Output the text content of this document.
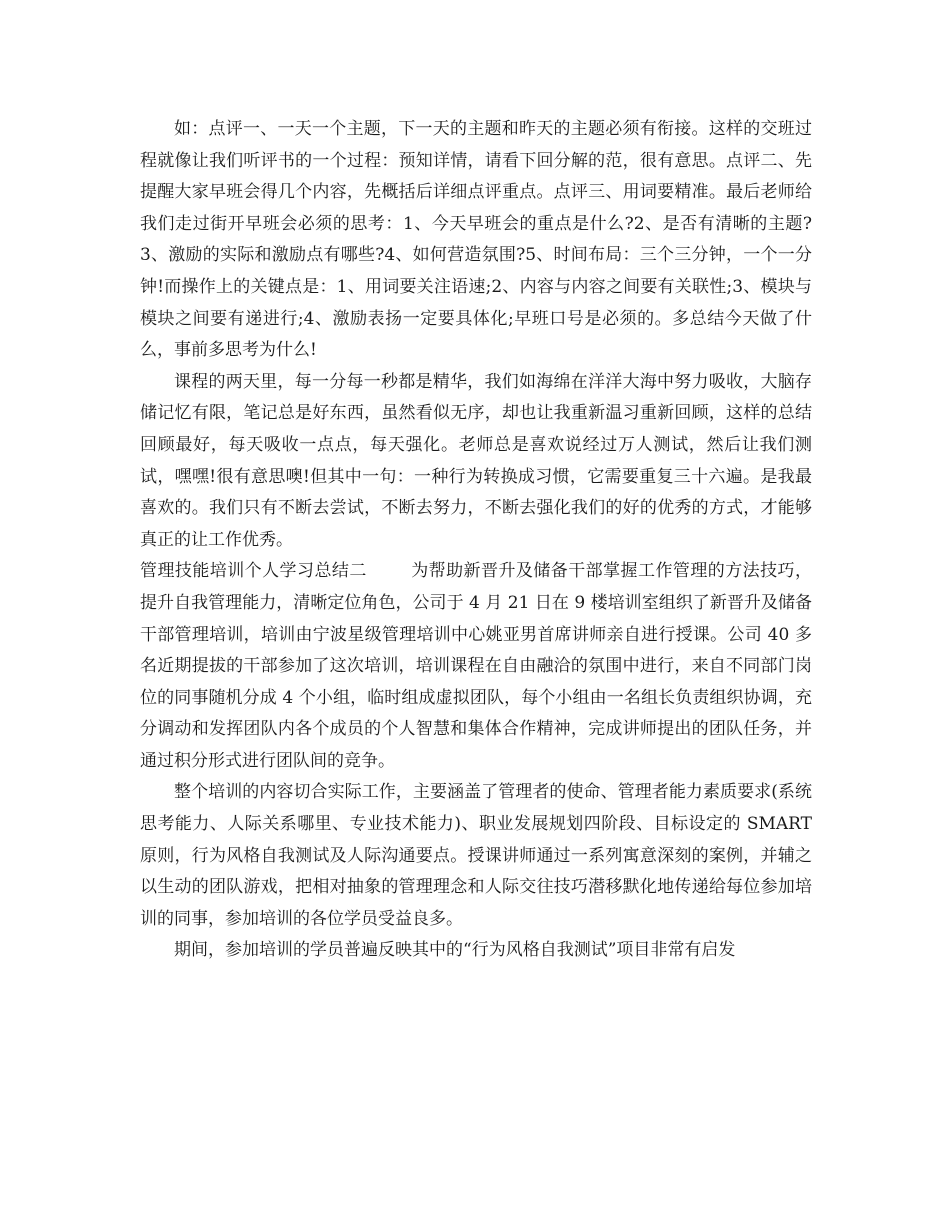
如：点评一、一天一个主题，下一天的主题和昨天的主题必须有衔接。这样的交班过程就像让我们听评书的一个过程：预知详情，请看下回分解的范，很有意思。点评二、先提醒大家早班会得几个内容，先概括后详细点评重点。点评三、用词要精准。最后老师给我们走过街开早班会必须的思考：1、今天早班会的重点是什么?2、是否有清晰的主题?3、激励的实际和激励点有哪些?4、如何营造氛围?5、时间布局：三个三分钟，一个一分钟!而操作上的关键点是：1、用词要关注语速;2、内容与内容之间要有关联性;3、模块与模块之间要有递进行;4、激励表扬一定要具体化;早班口号是必须的。多总结今天做了什么，事前多思考为什么!

课程的两天里，每一分每一秒都是精华，我们如海绵在洋洋大海中努力吸收，大脑存储记忆有限，笔记总是好东西，虽然看似无序，却也让我重新温习重新回顾，这样的总结回顾最好，每天吸收一点点，每天强化。老师总是喜欢说经过万人测试，然后让我们测试，嘿嘿!很有意思噢!但其中一句：一种行为转换成习惯，它需要重复三十六遍。是我最喜欢的。我们只有不断去尝试，不断去努力，不断去强化我们的好的优秀的方式，才能够真正的让工作优秀。

管理技能培训个人学习总结二	为帮助新晋升及储备干部掌握工作管理的方法技巧，提升自我管理能力，清晰定位角色，公司于 4 月 21 日在 9 楼培训室组织了新晋升及储备干部管理培训，培训由宁波星级管理培训中心姚亚男首席讲师亲自进行授课。公司 40 多名近期提拔的干部参加了这次培训，培训课程在自由融洽的氛围中进行，来自不同部门岗位的同事随机分成 4 个小组，临时组成虚拟团队，每个小组由一名组长负责组织协调，充分调动和发挥团队内各个成员的个人智慧和集体合作精神，完成讲师提出的团队任务，并通过积分形式进行团队间的竞争。

整个培训的内容切合实际工作，主要涵盖了管理者的使命、管理者能力素质要求(系统思考能力、人际关系哪里、专业技术能力)、职业发展规划四阶段、目标设定的 SMART 原则，行为风格自我测试及人际沟通要点。授课讲师通过一系列寓意深刻的案例，并辅之以生动的团队游戏，把相对抽象的管理理念和人际交往技巧潜移默化地传递给每位参加培训的同事，参加培训的各位学员受益良多。

期间，参加培训的学员普遍反映其中的“行为风格自我测试”项目非常有启发
